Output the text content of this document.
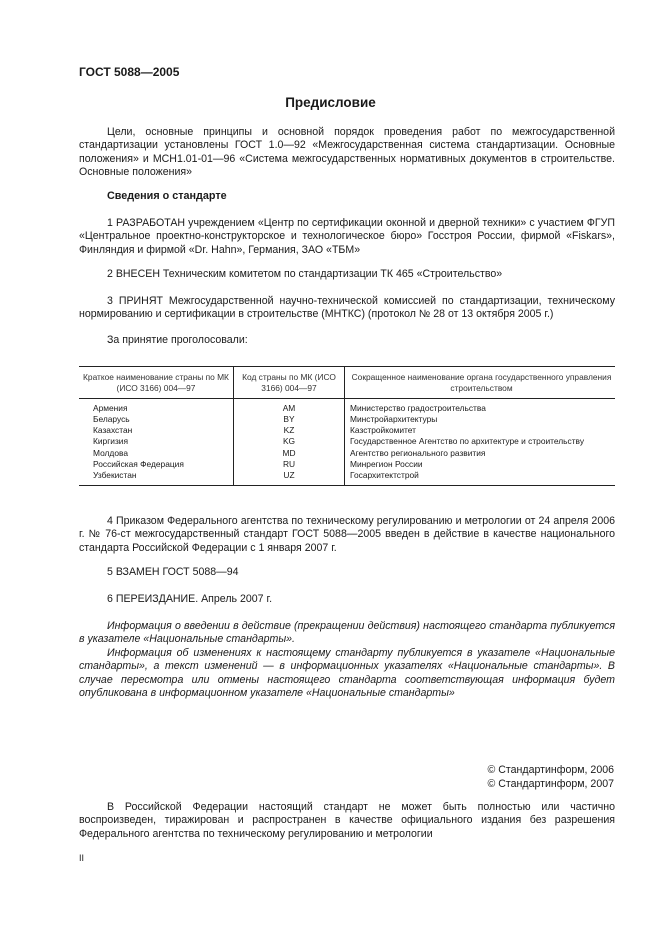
ГОСТ 5088—2005
Предисловие
Цели, основные принципы и основной порядок проведения работ по межгосударственной стандартизации установлены ГОСТ 1.0—92 «Межгосударственная система стандартизации. Основные положения» и МСН1.01-01—96 «Система межгосударственных нормативных документов в строительстве. Основные положения»
Сведения о стандарте
1 РАЗРАБОТАН учреждением «Центр по сертификации оконной и дверной техники» с участием ФГУП «Центральное проектно-конструкторское и технологическое бюро» Госстроя России, фирмой «Fiskars», Финляндия и фирмой «Dr. Hahn», Германия, ЗАО «ТБМ»
2 ВНЕСЕН Техническим комитетом по стандартизации ТК 465 «Строительство»
3 ПРИНЯТ Межгосударственной научно-технической комиссией по стандартизации, техническому нормированию и сертификации в строительстве (МНТКС) (протокол № 28 от 13 октября 2005 г.)
За принятие проголосовали:
Краткое наименование страны по МК (ИСО 3166) 004—97	Код страны по МК (ИСО 3166) 004—97	Сокращенное наименование органа государственного управления строительством
Армения	AM	Министерство градостроительства
Беларусь	BY	Минстройархитектуры
Казахстан	KZ	Казстройкомитет
Киргизия	KG	Государственное Агентство по архитектуре и строительству
Молдова	MD	Агентство регионального развития
Российская Федерация	RU	Минрегион России
Узбекистан	UZ	Госархитектстрой
4 Приказом Федерального агентства по техническому регулированию и метрологии от 24 апреля 2006 г. № 76-ст межгосударственный стандарт ГОСТ 5088—2005 введен в действие в качестве национального стандарта Российской Федерации с 1 января 2007 г.
5 ВЗАМЕН ГОСТ 5088—94
6 ПЕРЕИЗДАНИЕ. Апрель 2007 г.
Информация о введении в действие (прекращении действия) настоящего стандарта публикуется в указателе «Национальные стандарты».
Информация об изменениях к настоящему стандарту публикуется в указателе «Национальные стандарты», а текст изменений — в информационных указателях «Национальные стандарты». В случае пересмотра или отмены настоящего стандарта соответствующая информация будет опубликована в информационном указателе «Национальные стандарты»
© Стандартинформ, 2006
© Стандартинформ, 2007
В Российской Федерации настоящий стандарт не может быть полностью или частично воспроизведен, тиражирован и распространен в качестве официального издания без разрешения Федерального агентства по техническому регулированию и метрологии
II
